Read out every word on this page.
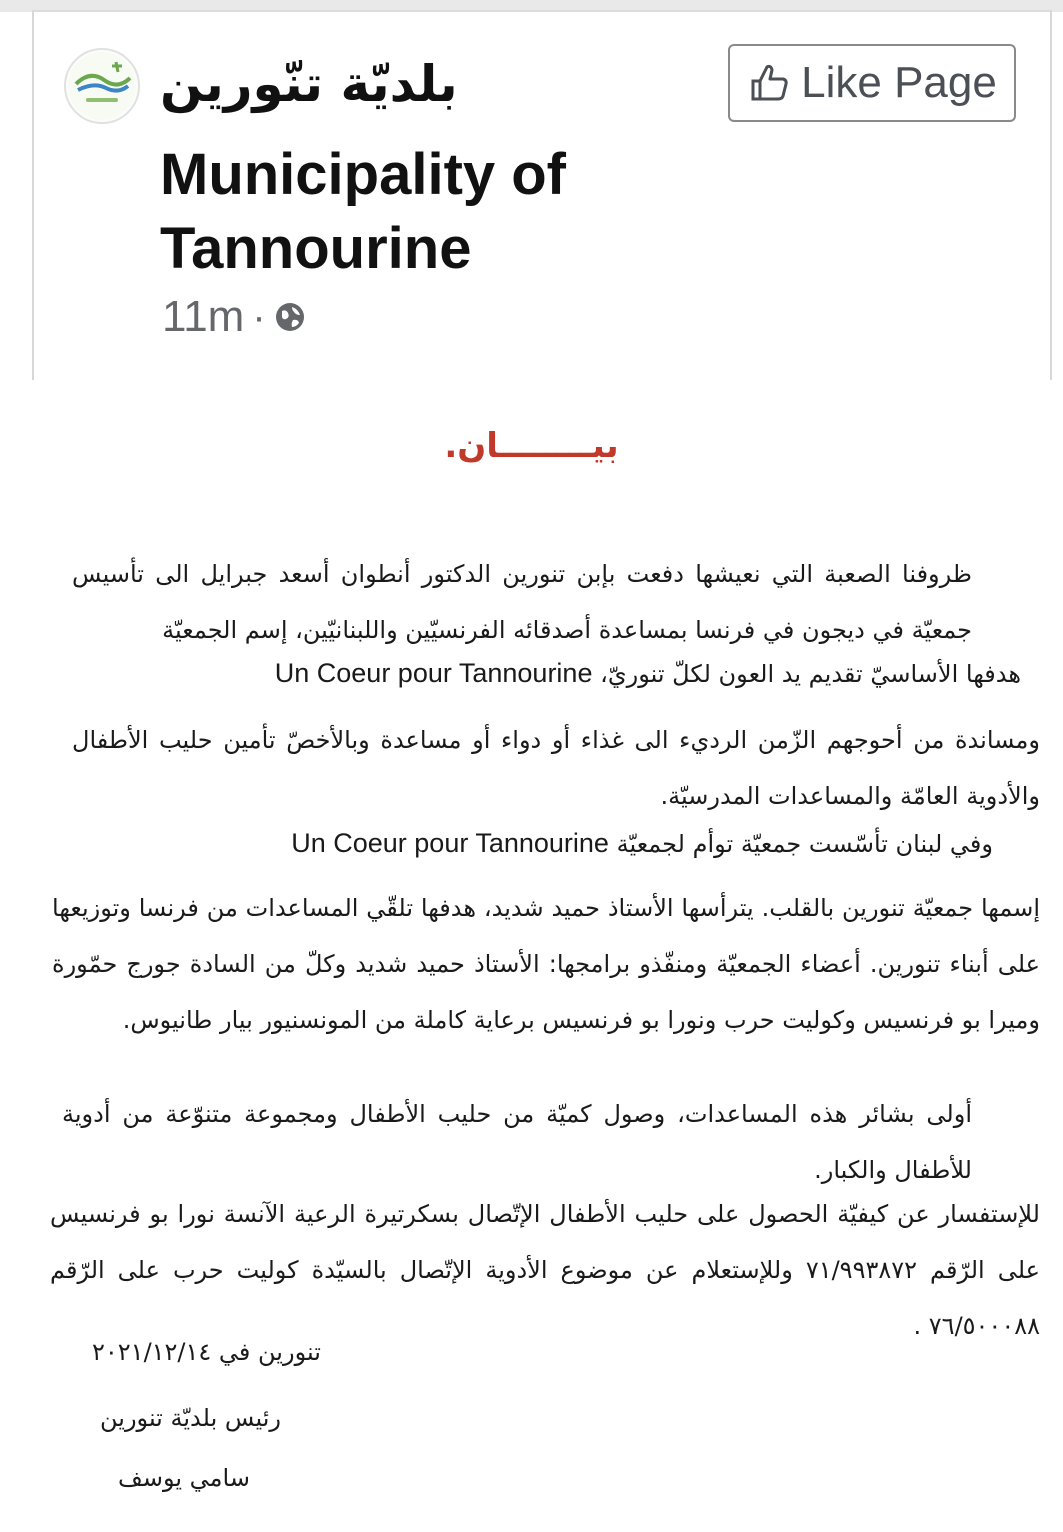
بلديّة تنّورين
Municipality of Tannourine
11m ·
Like Page
بيــــــــان.

ظروفنا الصعبة التي نعيشها دفعت بإبن تنورين الدكتور أنطوان أسعد جبرايل الى تأسيس جمعيّة في ديجون في فرنسا بمساعدة أصدقائه الفرنسيّين واللبنانيّين، إسم الجمعيّة

هدفها الأساسيّ تقديم يد العون لكلّ تنوريّ، Un Coeur pour Tannourine

ومساندة من أحوجهم الزّمن الرديء الى غذاء أو دواء أو مساعدة وبالأخصّ تأمين حليب الأطفال والأدوية العامّة والمساعدات المدرسيّة.

وفي لبنان تأسّست جمعيّة توأم لجمعيّة Un Coeur pour Tannourine

إسمها جمعيّة تنورين بالقلب. يترأسها الأستاذ حميد شديد، هدفها تلقّي المساعدات من فرنسا وتوزيعها على أبناء تنورين. أعضاء الجمعيّة ومنفّذو برامجها: الأستاذ حميد شديد وكلّ من السادة جورج حمّورة وميرا بو فرنسيس وكوليت حرب ونورا بو فرنسيس برعاية كاملة من المونسنيور بيار طانيوس.

أولى بشائر هذه المساعدات، وصول كميّة من حليب الأطفال ومجموعة متنوّعة من أدوية للأطفال والكبار.

للإستفسار عن كيفيّة الحصول على حليب الأطفال الإتّصال بسكرتيرة الرعية الآنسة نورا بو فرنسيس على الرّقم ٧١/٩٩٣٨٧٢ وللإستعلام عن موضوع الأدوية الإتّصال بالسيّدة كوليت حرب على الرّقم ٧٦/٥٠٠٠٨٨ .

تنورين في ٢٠٢١/١٢/١٤
رئيس بلديّة تنورين
سامي يوسف
